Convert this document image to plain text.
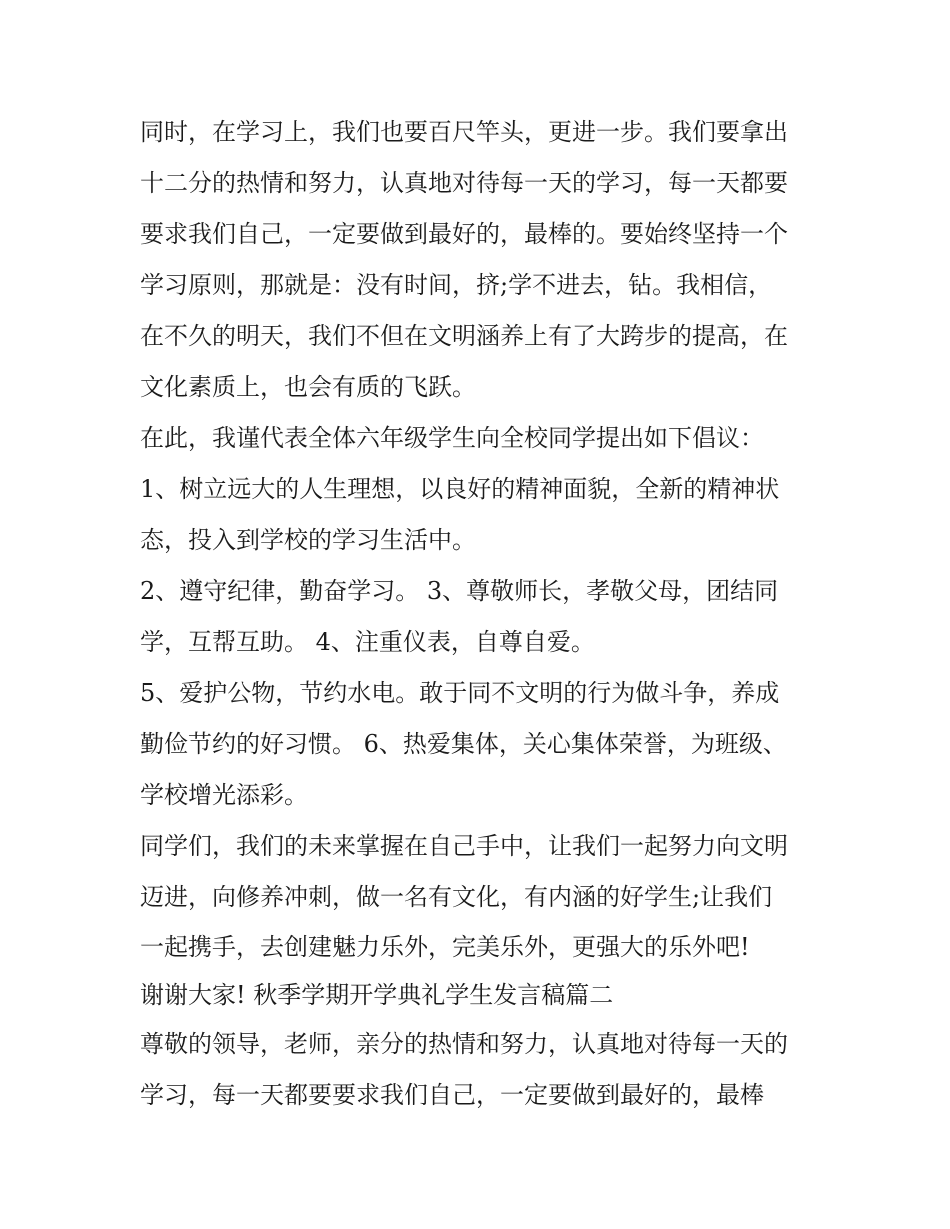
同时，在学习上，我们也要百尺竿头，更进一步。我们要拿出
十二分的热情和努力，认真地对待每一天的学习，每一天都要
要求我们自己，一定要做到最好的，最棒的。要始终坚持一个
学习原则，那就是：没有时间，挤;学不进去，钻。我相信，
在不久的明天，我们不但在文明涵养上有了大跨步的提高，在
文化素质上，也会有质的飞跃。
在此，我谨代表全体六年级学生向全校同学提出如下倡议：
1、树立远大的人生理想，以良好的精神面貌，全新的精神状
态，投入到学校的学习生活中。
2、遵守纪律，勤奋学习。 3、尊敬师长，孝敬父母，团结同
学，互帮互助。 4、注重仪表，自尊自爱。
5、爱护公物，节约水电。敢于同不文明的行为做斗争，养成
勤俭节约的好习惯。 6、热爱集体，关心集体荣誉，为班级、
学校增光添彩。
同学们，我们的未来掌握在自己手中，让我们一起努力向文明
迈进，向修养冲刺，做一名有文化，有内涵的好学生;让我们
一起携手，去创建魅力乐外，完美乐外，更强大的乐外吧!
谢谢大家! 秋季学期开学典礼学生发言稿篇二
尊敬的领导，老师，亲分的热情和努力，认真地对待每一天的
学习，每一天都要要求我们自己，一定要做到最好的，最棒
